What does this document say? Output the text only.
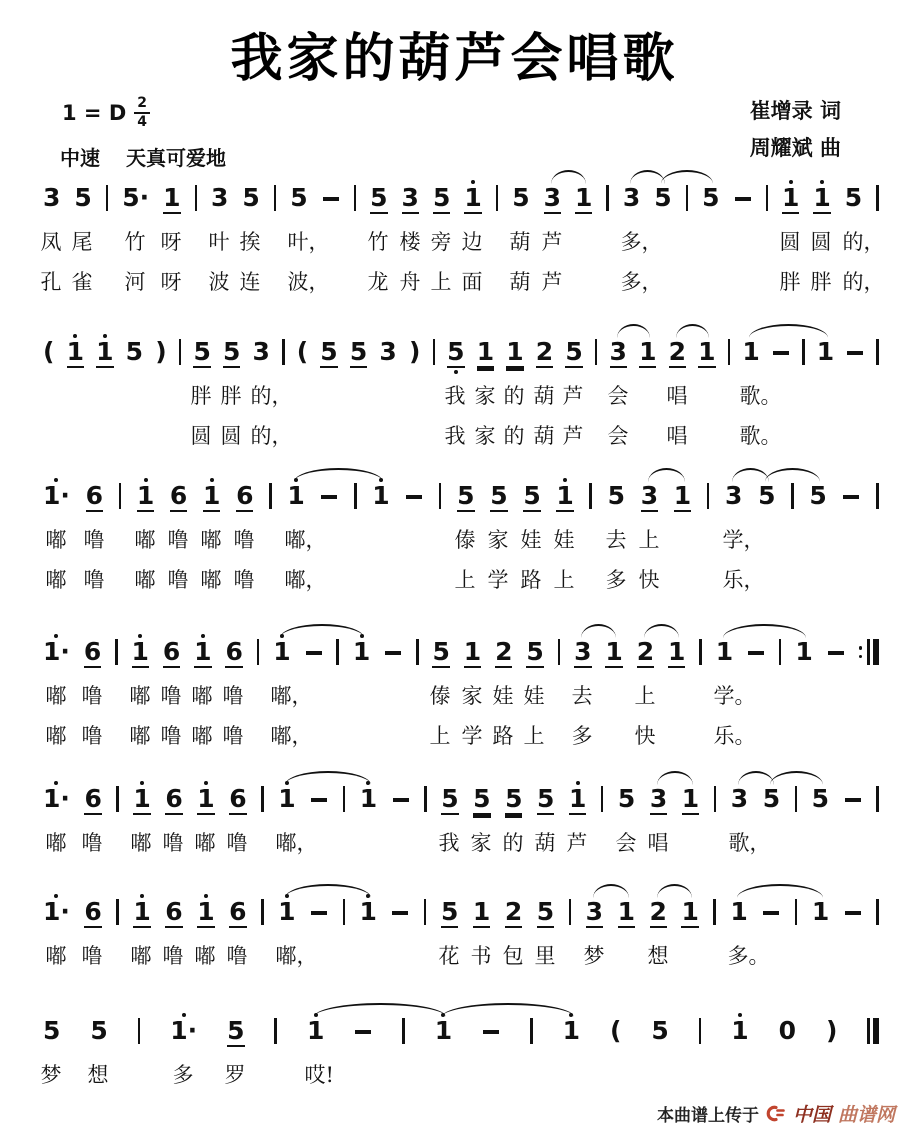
我家的葫芦会唱歌
1 = D $\frac{2}{4}$
中速 天真可爱地
崔增录 词
周耀斌 曲
3 5 5· 1 3 5 5 5 3 5 1 5 3 1 3 5 5 1 1 5
凤 尾 竹 呀 叶 挨 叶， 竹 楼 旁 边 葫 芦	多，	圆 圆 的，
孔 雀 河 呀 波 连 波， 龙 舟 上 面 葫 芦	多，	胖 胖 的，
( 1 1 5 ) 5 5 3 ( 5 5 3 ) 5 1 1 2 5 3 1 2 1 1 1
胖 胖 的，	我 家 的 葫 芦 会 唱 歌。
圆 圆 的，	我 家 的 葫 芦 会 唱 歌。
1· 6 1 6 1 6 1	1	5 5 5 1 5 3 1 3 5 5
嘟 噜 嘟 噜 嘟 噜 嘟，	傣 家 娃 娃 去 上	学，
嘟 噜 嘟 噜 嘟 噜 嘟，	上 学 路 上 多 快	乐，
1· 6 1 6 1 6 1 1 5 1 2 5 3 1 2 1 1 1
嘟 噜 嘟 噜 嘟 噜 嘟，	傣 家 娃 娃 去 上	学。
嘟 噜 嘟 噜 嘟 噜 嘟，	上 学 路 上 多 快	乐。
1· 6 1 6 1 6 1	1	5 5 5 5 1 5 3 1 3 5 5
嘟 噜 嘟 噜 嘟 噜 嘟，	我 家 的 葫 芦 会 唱	歌，
1· 6 1 6 1 6 1	1	5 1 2 5 3 1 2 1 1	1
嘟 噜 嘟 噜 嘟 噜 嘟，	花 书 包 里 梦 想	多。
5 5 1· 5 1	1	1 ( 5 1 0 )
梦 想	多 罗	哎!
本曲谱上传于 中国 曲谱网
